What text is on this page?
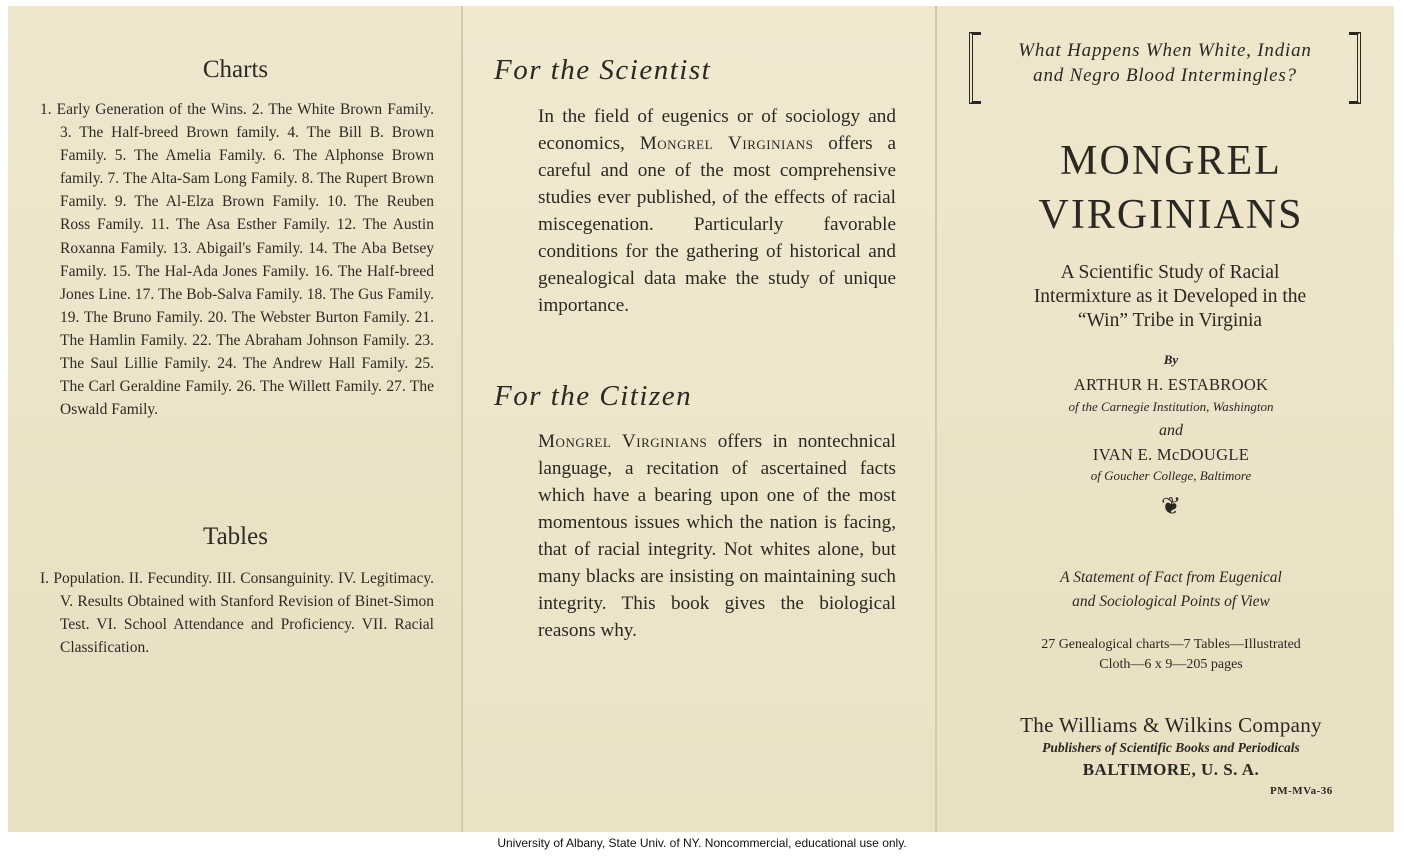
Charts
1. Early Generation of the Wins. 2. The White Brown Family. 3. The Half-breed Brown family. 4. The Bill B. Brown Family. 5. The Amelia Family. 6. The Alphonse Brown family. 7. The Alta-Sam Long Family. 8. The Rupert Brown Family. 9. The Al-Elza Brown Family. 10. The Reuben Ross Family. 11. The Asa Esther Family. 12. The Austin Roxanna Family. 13. Abigail's Family. 14. The Aba Betsey Family. 15. The Hal-Ada Jones Family. 16. The Half-breed Jones Line. 17. The Bob-Salva Family. 18. The Gus Family. 19. The Bruno Family. 20. The Webster Burton Family. 21. The Hamlin Family. 22. The Abraham Johnson Family. 23. The Saul Lillie Family. 24. The Andrew Hall Family. 25. The Carl Geraldine Family. 26. The Willett Family. 27. The Oswald Family.
Tables
I. Population. II. Fecundity. III. Consanguinity. IV. Legitimacy. V. Results Obtained with Stanford Revision of Binet-Simon Test. VI. School Attendance and Proficiency. VII. Racial Classification.
For the Scientist
In the field of eugenics or of sociology and economics, Mongrel Virginians offers a careful and one of the most comprehensive studies ever published, of the effects of racial miscegenation. Particularly favorable conditions for the gathering of historical and genealogical data make the study of unique importance.
For the Citizen
Mongrel Virginians offers in nontechnical language, a recitation of ascertained facts which have a bearing upon one of the most momentous issues which the nation is facing, that of racial integrity. Not whites alone, but many blacks are insisting on maintaining such integrity. This book gives the biological reasons why.
What Happens When White, Indian
and Negro Blood Intermingles?
MONGREL
VIRGINIANS
A Scientific Study of Racial Intermixture as it Developed in the “Win” Tribe in Virginia
By
ARTHUR H. ESTABROOK
of the Carnegie Institution, Washington
and
IVAN E. McDOUGLE
of Goucher College, Baltimore
❦
A Statement of Fact from Eugenical
and Sociological Points of View
27 Genealogical charts—7 Tables—Illustrated
Cloth—6 x 9—205 pages
The Williams & Wilkins Company
Publishers of Scientific Books and Periodicals
BALTIMORE, U. S. A.
PM-MVa-36
University of Albany, State Univ. of NY. Noncommercial, educational use only.
